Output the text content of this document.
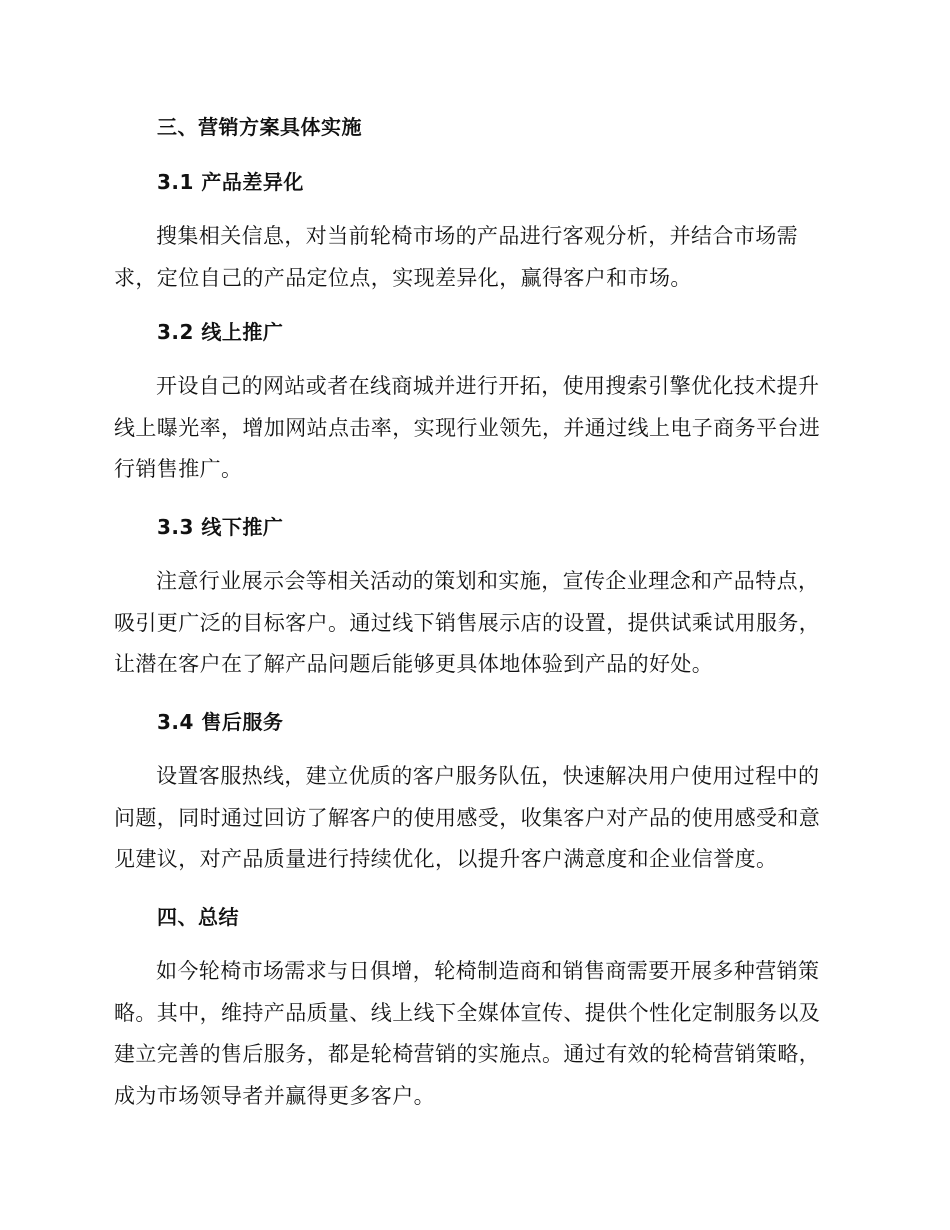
三、营销方案具体实施
3.1 产品差异化

搜集相关信息，对当前轮椅市场的产品进行客观分析，并结合市场需求，定位自己的产品定位点，实现差异化，赢得客户和市场。

3.2 线上推广

开设自己的网站或者在线商城并进行开拓，使用搜索引擎优化技术提升线上曝光率，增加网站点击率，实现行业领先，并通过线上电子商务平台进行销售推广。

3.3 线下推广

注意行业展示会等相关活动的策划和实施，宣传企业理念和产品特点，吸引更广泛的目标客户。通过线下销售展示店的设置，提供试乘试用服务，让潜在客户在了解产品问题后能够更具体地体验到产品的好处。

3.4 售后服务

设置客服热线，建立优质的客户服务队伍，快速解决用户使用过程中的问题，同时通过回访了解客户的使用感受，收集客户对产品的使用感受和意见建议，对产品质量进行持续优化，以提升客户满意度和企业信誉度。

四、总结

如今轮椅市场需求与日俱增，轮椅制造商和销售商需要开展多种营销策略。其中，维持产品质量、线上线下全媒体宣传、提供个性化定制服务以及建立完善的售后服务，都是轮椅营销的实施点。通过有效的轮椅营销策略，成为市场领导者并赢得更多客户。
